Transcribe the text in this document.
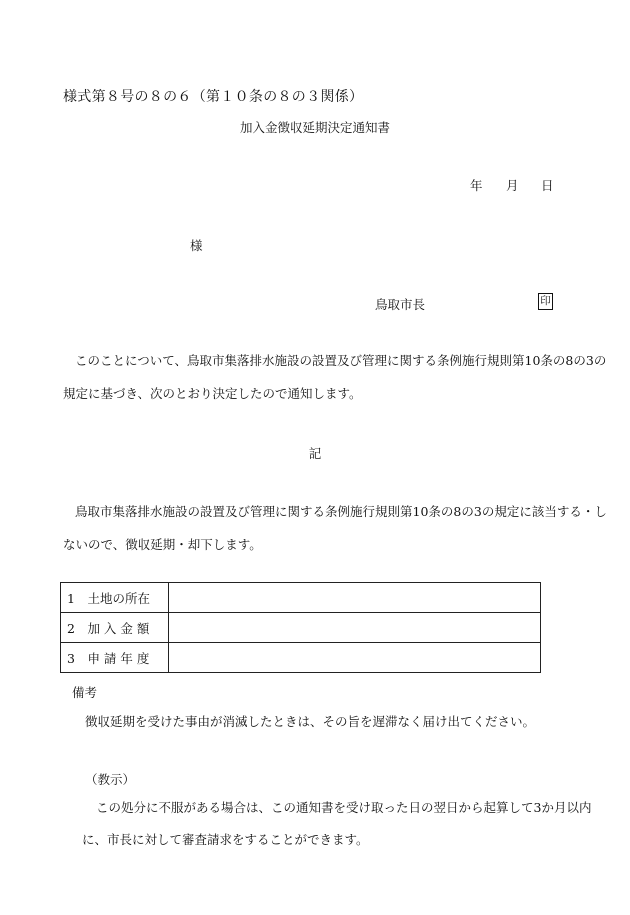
様式第８号の８の６（第１０条の８の３関係）
加入金徴収延期決定通知書
年 月 日
様
鳥取市長	印
このことについて、鳥取市集落排水施設の設置及び管理に関する条例施行規則第10条の8の3の
規定に基づき、次のとおり決定したので通知します。
記
鳥取市集落排水施設の設置及び管理に関する条例施行規則第10条の8の3の規定に該当する・し
ないので、徴収延期・却下します。
1　土地の所在	
2　加 入 金 額	
3　申 請 年 度	
備考
徴収延期を受けた事由が消滅したときは、その旨を遅滞なく届け出てください。
（教示）
この処分に不服がある場合は、この通知書を受け取った日の翌日から起算して3か月以内
に、市長に対して審査請求をすることができます。
